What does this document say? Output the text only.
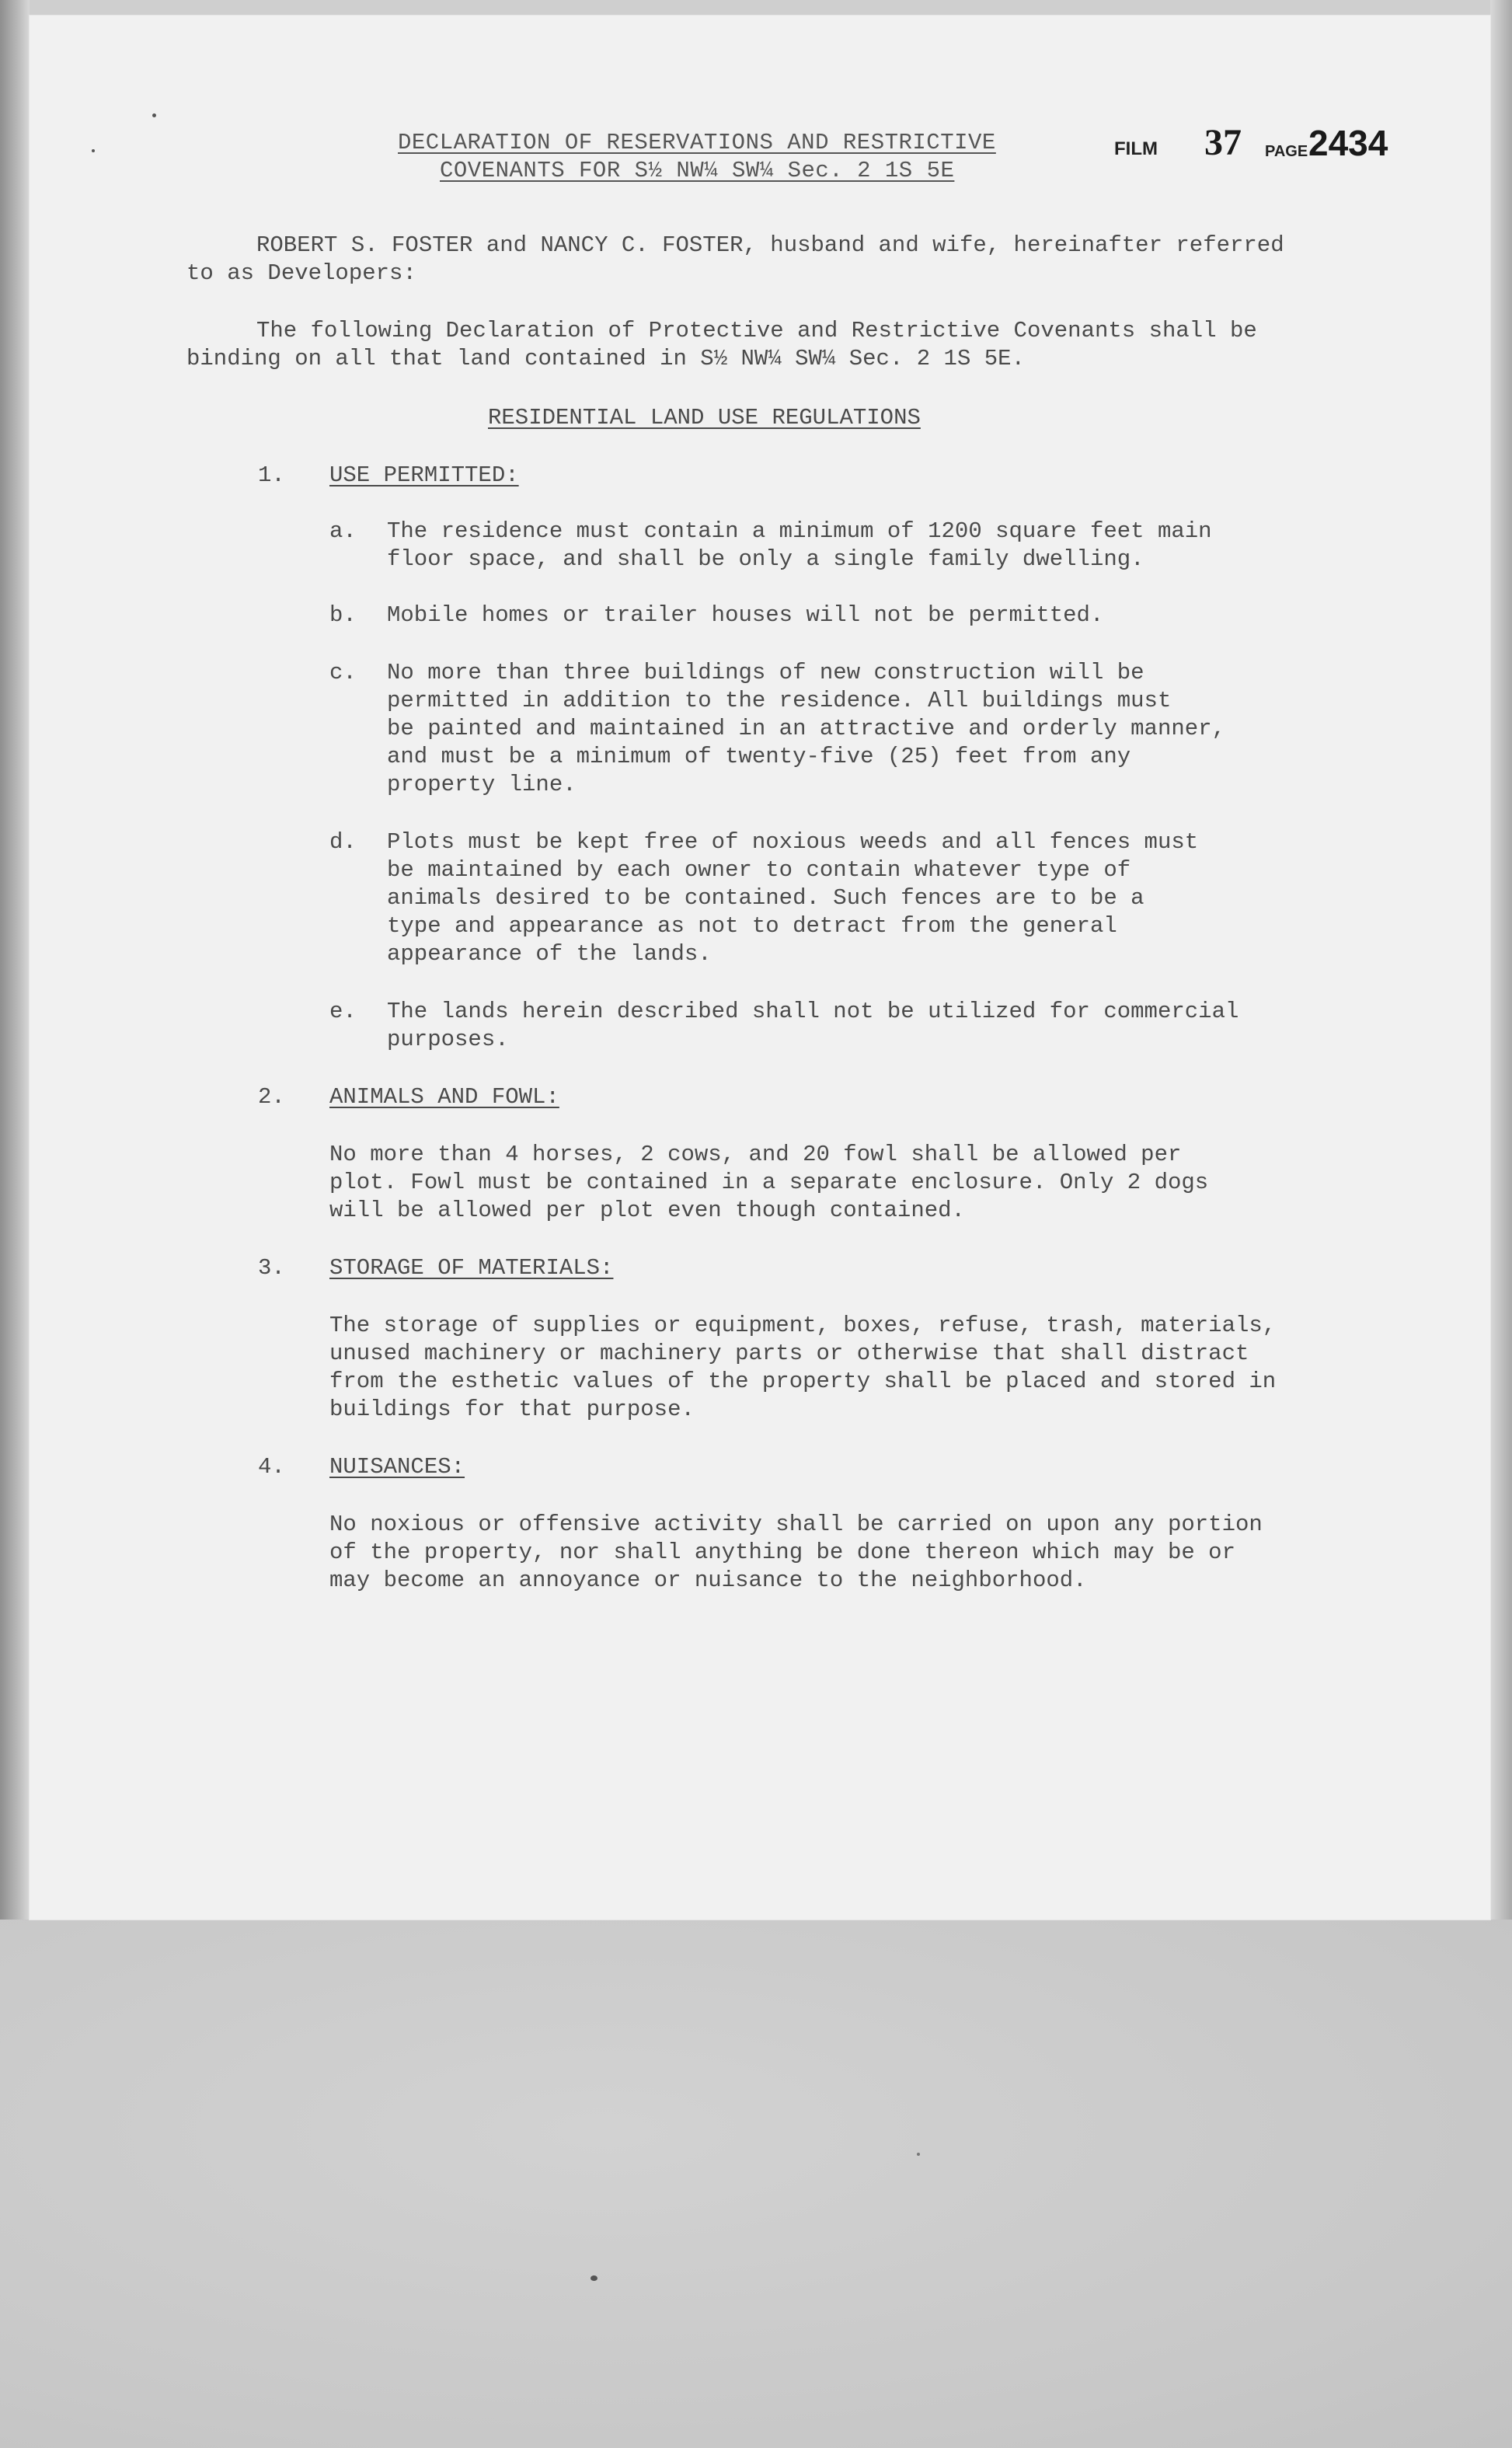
DECLARATION OF RESERVATIONS AND RESTRICTIVE
COVENANTS FOR S½ NW¼ SW¼ Sec. 2 1S 5E
FILM 37 PAGE 2434
ROBERT S. FOSTER and NANCY C. FOSTER, husband and wife, hereinafter referred
to as Developers:
The following Declaration of Protective and Restrictive Covenants shall be
binding on all that land contained in S½ NW¼ SW¼ Sec. 2 1S 5E.
RESIDENTIAL LAND USE REGULATIONS
1. USE PERMITTED:
a. The residence must contain a minimum of 1200 square feet main
floor space, and shall be only a single family dwelling.
b. Mobile homes or trailer houses will not be permitted.
c. No more than three buildings of new construction will be
permitted in addition to the residence. All buildings must
be painted and maintained in an attractive and orderly manner,
and must be a minimum of twenty-five (25) feet from any
property line.
d. Plots must be kept free of noxious weeds and all fences must
be maintained by each owner to contain whatever type of
animals desired to be contained. Such fences are to be a
type and appearance as not to detract from the general
appearance of the lands.
e. The lands herein described shall not be utilized for commercial
purposes.
2. ANIMALS AND FOWL:
No more than 4 horses, 2 cows, and 20 fowl shall be allowed per
plot. Fowl must be contained in a separate enclosure. Only 2 dogs
will be allowed per plot even though contained.
3. STORAGE OF MATERIALS:
The storage of supplies or equipment, boxes, refuse, trash, materials,
unused machinery or machinery parts or otherwise that shall distract
from the esthetic values of the property shall be placed and stored in
buildings for that purpose.
4. NUISANCES:
No noxious or offensive activity shall be carried on upon any portion
of the property, nor shall anything be done thereon which may be or
may become an annoyance or nuisance to the neighborhood.
